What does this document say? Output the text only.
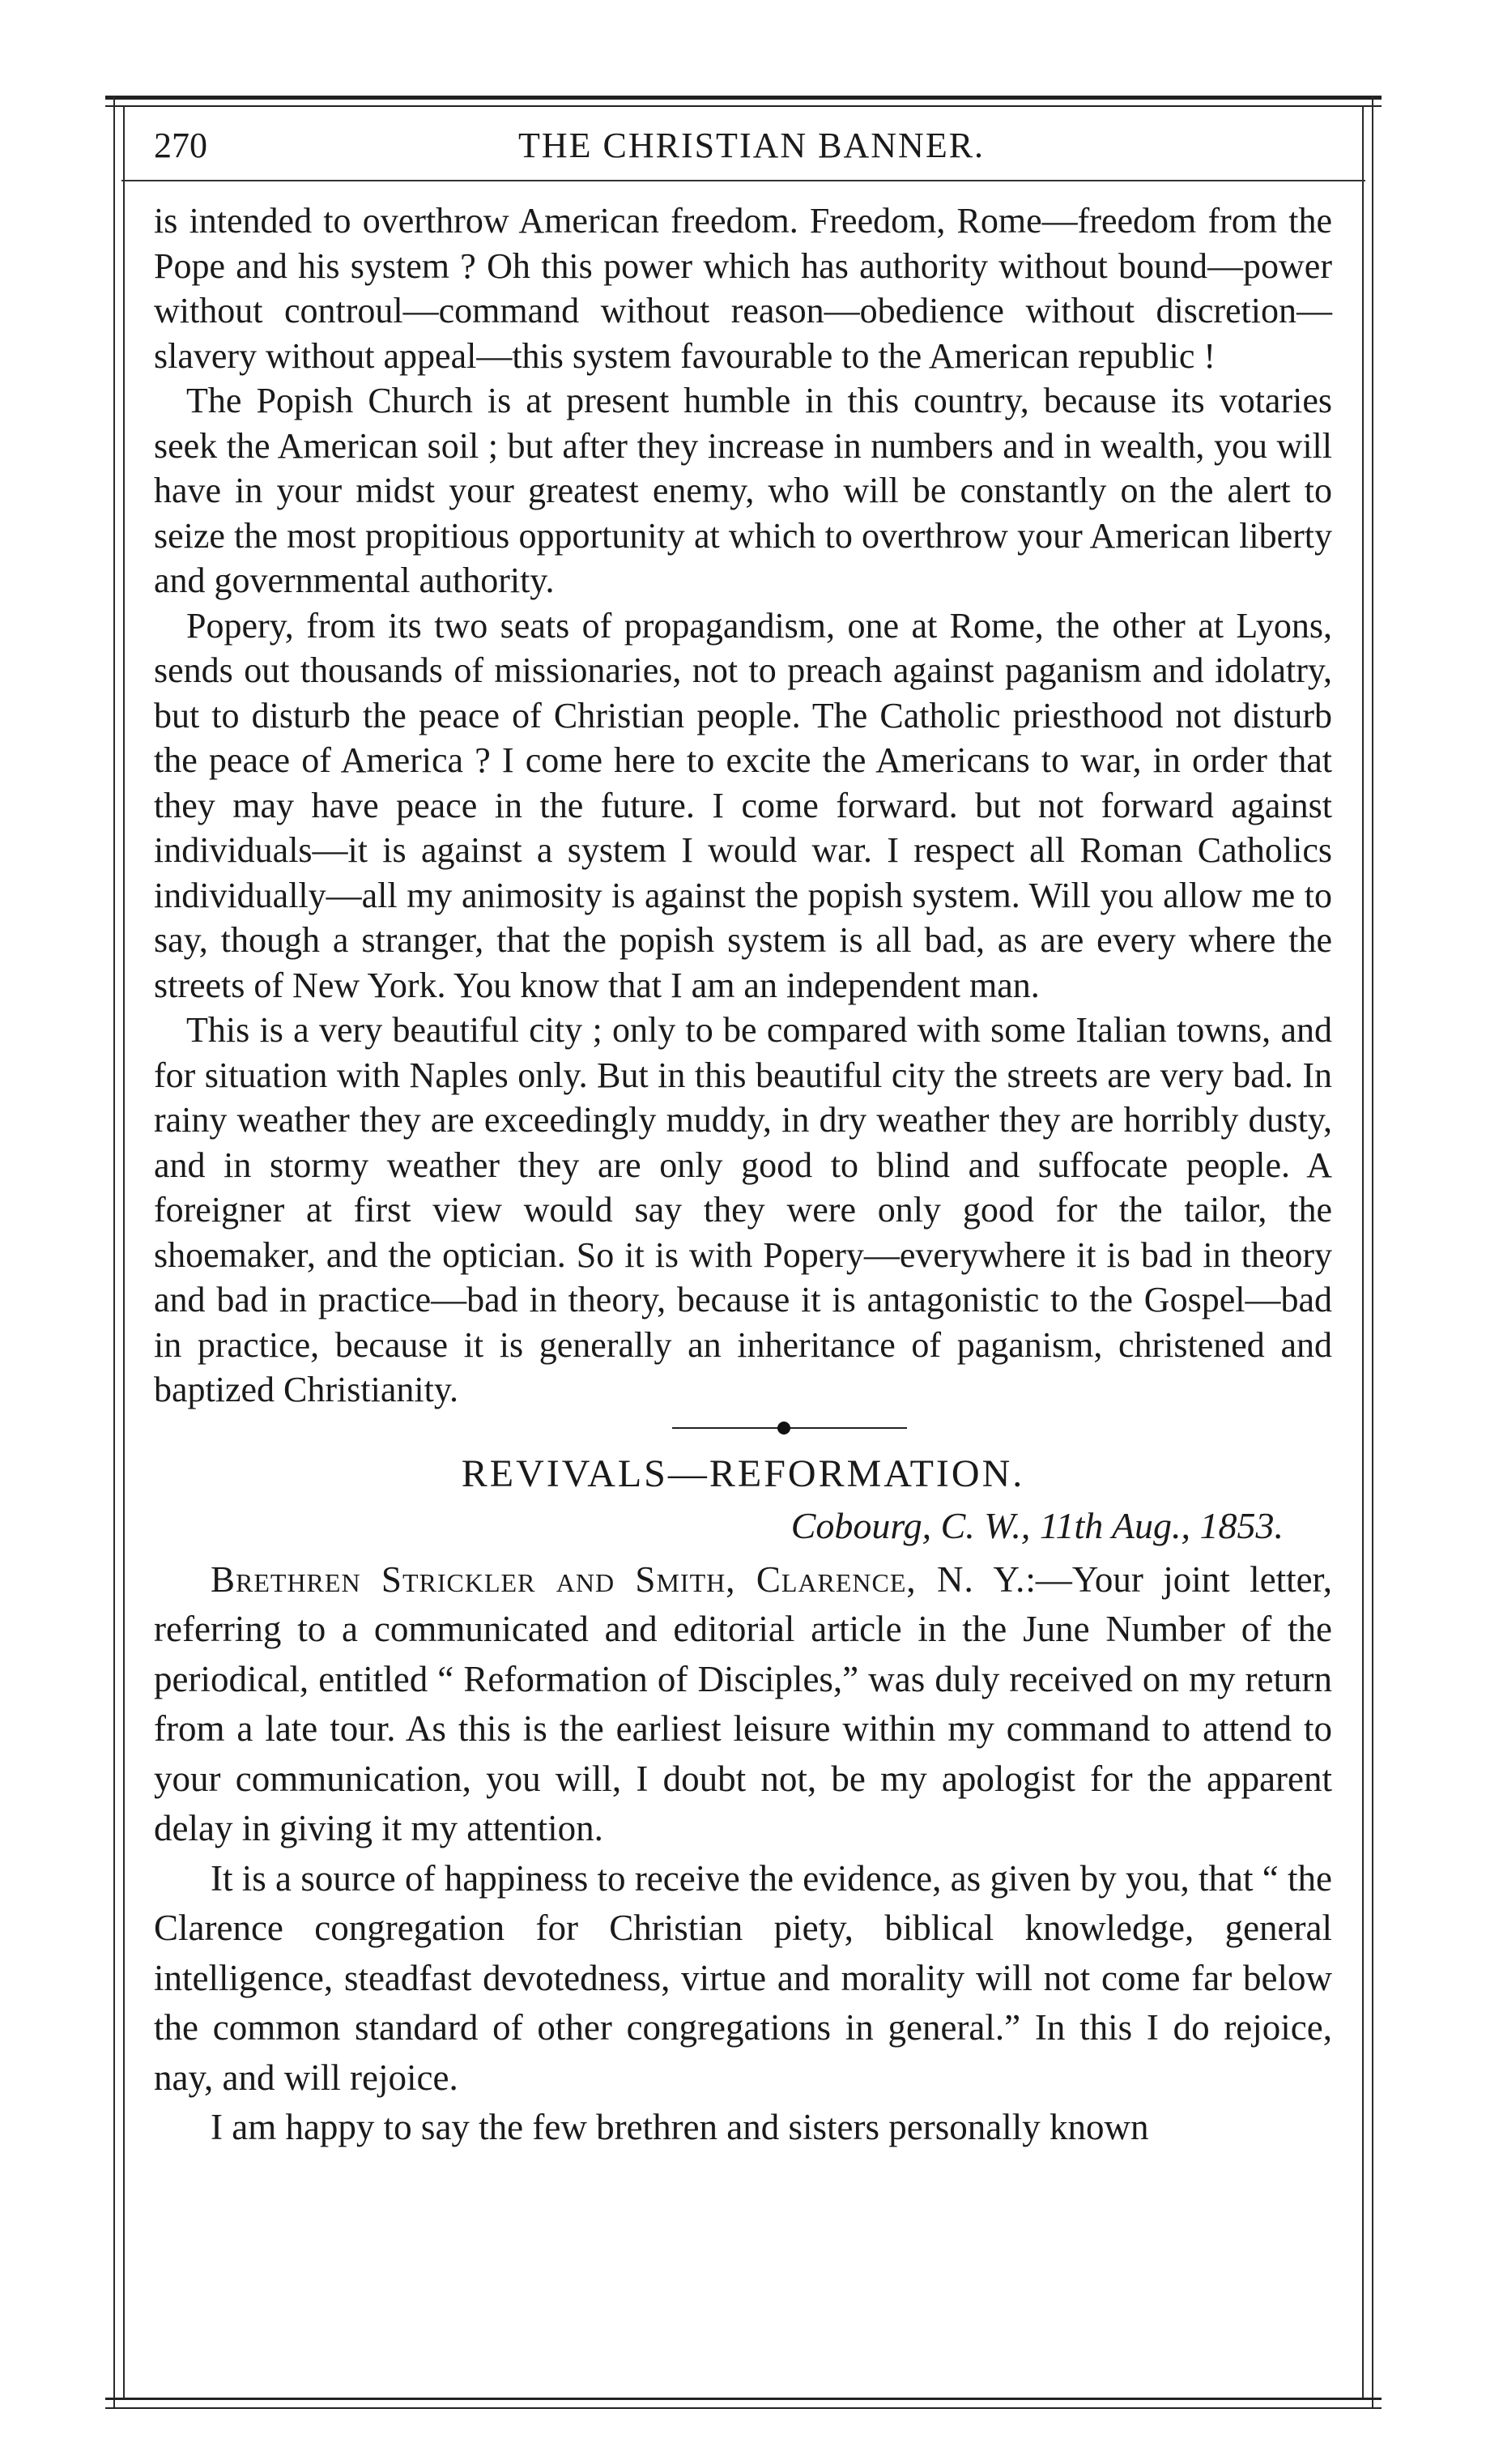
270	THE CHRISTIAN BANNER.

is intended to overthrow American freedom. Freedom, Rome—freedom from the Pope and his system ? Oh this power which has authority without bound—power without controul—command without reason—obedience without discretion—slavery without appeal—this system favourable to the American republic !

The Popish Church is at present humble in this country, because its votaries seek the American soil ; but after they increase in numbers and in wealth, you will have in your midst your greatest enemy, who will be constantly on the alert to seize the most propitious opportunity at which to overthrow your American liberty and governmental authority.

Popery, from its two seats of propagandism, one at Rome, the other at Lyons, sends out thousands of missionaries, not to preach against paganism and idolatry, but to disturb the peace of Christian people. The Catholic priesthood not disturb the peace of America ? I come here to excite the Americans to war, in order that they may have peace in the future. I come forward. but not forward against individuals—it is against a system I would war. I respect all Roman Catholics individually—all my animosity is against the popish system. Will you allow me to say, though a stranger, that the popish system is all bad, as are every where the streets of New York. You know that I am an independent man.

This is a very beautiful city ; only to be compared with some Italian towns, and for situation with Naples only. But in this beautiful city the streets are very bad. In rainy weather they are exceedingly muddy, in dry weather they are horribly dusty, and in stormy weather they are only good to blind and suffocate people. A foreigner at first view would say they were only good for the tailor, the shoemaker, and the optician. So it is with Popery—everywhere it is bad in theory and bad in practice—bad in theory, because it is antagonistic to the Gospel—bad in practice, because it is generally an inheritance of paganism, christened and baptized Christianity.

REVIVALS—REFORMATION.
Cobourg, C. W., 11th Aug., 1853.

Brethren Strickler and Smith, Clarence, N. Y.:—Your joint letter, referring to a communicated and editorial article in the June Number of the periodical, entitled “ Reformation of Disciples,” was duly received on my return from a late tour. As this is the earliest leisure within my command to attend to your communication, you will, I doubt not, be my apologist for the apparent delay in giving it my attention.

It is a source of happiness to receive the evidence, as given by you, that “ the Clarence congregation for Christian piety, biblical knowledge, general intelligence, steadfast devotedness, virtue and morality will not come far below the common standard of other congregations in general.” In this I do rejoice, nay, and will rejoice.

I am happy to say the few brethren and sisters personally known
